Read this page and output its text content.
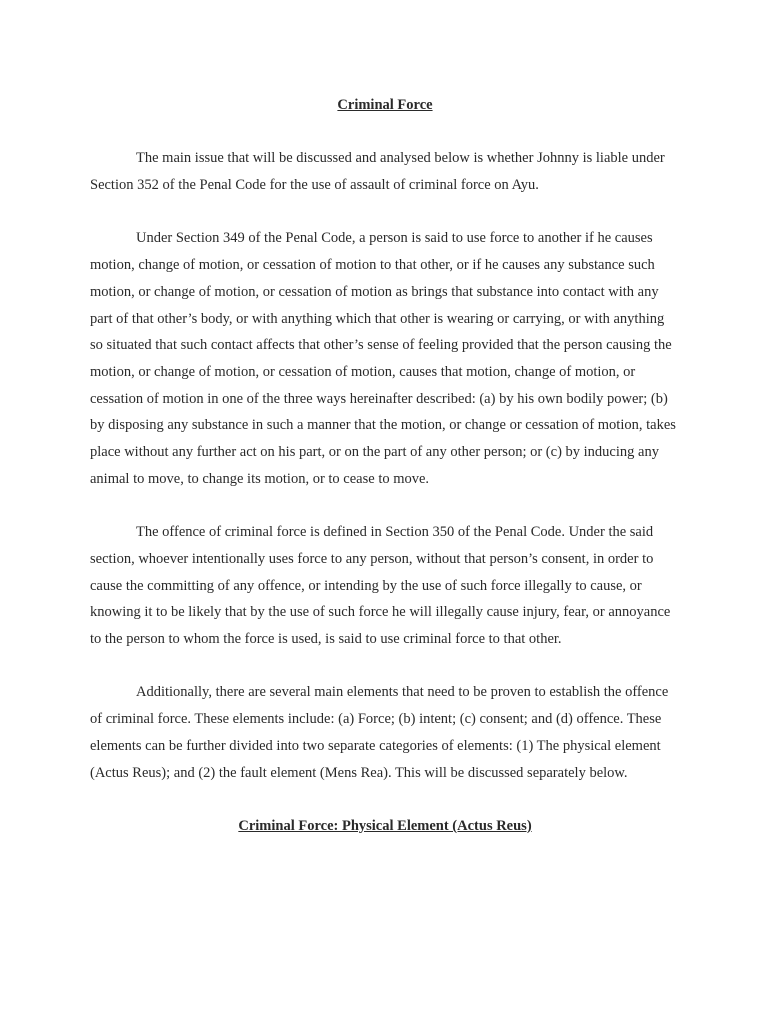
Criminal Force

The main issue that will be discussed and analysed below is whether Johnny is liable under Section 352 of the Penal Code for the use of assault of criminal force on Ayu.

Under Section 349 of the Penal Code, a person is said to use force to another if he causes motion, change of motion, or cessation of motion to that other, or if he causes any substance such motion, or change of motion, or cessation of motion as brings that substance into contact with any part of that other’s body, or with anything which that other is wearing or carrying, or with anything so situated that such contact affects that other’s sense of feeling provided that the person causing the motion, or change of motion, or cessation of motion, causes that motion, change of motion, or cessation of motion in one of the three ways hereinafter described: (a) by his own bodily power; (b) by disposing any substance in such a manner that the motion, or change or cessation of motion, takes place without any further act on his part, or on the part of any other person; or (c) by inducing any animal to move, to change its motion, or to cease to move.

The offence of criminal force is defined in Section 350 of the Penal Code. Under the said section, whoever intentionally uses force to any person, without that person’s consent, in order to cause the committing of any offence, or intending by the use of such force illegally to cause, or knowing it to be likely that by the use of such force he will illegally cause injury, fear, or annoyance to the person to whom the force is used, is said to use criminal force to that other.

Additionally, there are several main elements that need to be proven to establish the offence of criminal force. These elements include: (a) Force; (b) intent; (c) consent; and (d) offence. These elements can be further divided into two separate categories of elements: (1) The physical element (Actus Reus); and (2) the fault element (Mens Rea). This will be discussed separately below.

Criminal Force: Physical Element (Actus Reus)
